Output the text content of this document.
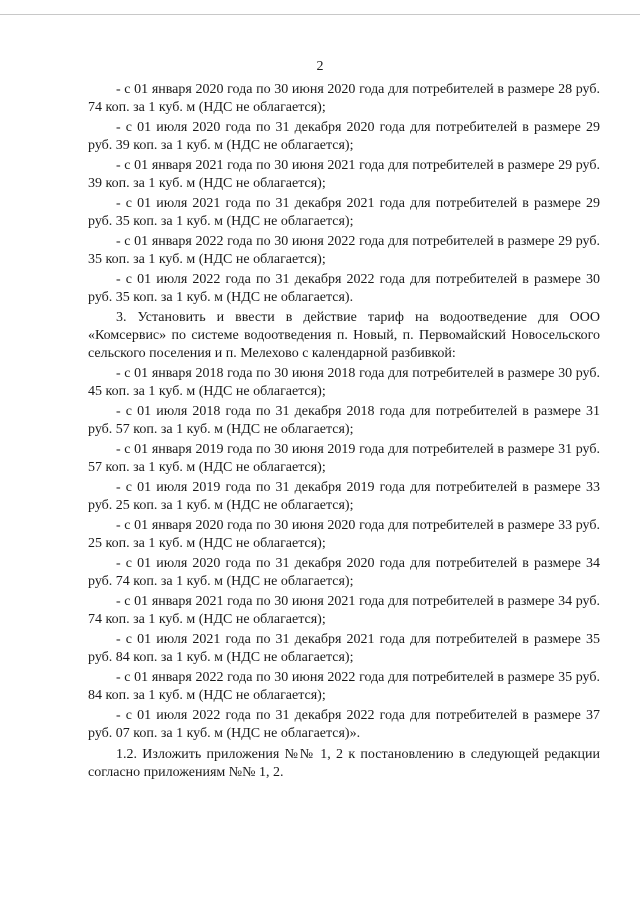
2

- с 01 января 2020 года по 30 июня 2020 года для потребителей в размере 28 руб. 74 коп. за 1 куб. м (НДС не облагается);

- с 01 июля 2020 года по 31 декабря 2020 года для потребителей в размере 29 руб. 39 коп. за 1 куб. м (НДС не облагается);

- с 01 января 2021 года по 30 июня 2021 года для потребителей в размере 29 руб. 39 коп. за 1 куб. м (НДС не облагается);

- с 01 июля 2021 года по 31 декабря 2021 года для потребителей в размере 29 руб. 35 коп. за 1 куб. м (НДС не облагается);

- с 01 января 2022 года по 30 июня 2022 года для потребителей в размере 29 руб. 35 коп. за 1 куб. м (НДС не облагается);

- с 01 июля 2022 года по 31 декабря 2022 года для потребителей в размере 30 руб. 35 коп. за 1 куб. м (НДС не облагается).

3. Установить и ввести в действие тариф на водоотведение для ООО «Комсервис» по системе водоотведения п. Новый, п. Первомайский Новосельского сельского поселения и п. Мелехово с календарной разбивкой:

- с 01 января 2018 года по 30 июня 2018 года для потребителей в размере 30 руб. 45 коп. за 1 куб. м (НДС не облагается);

- с 01 июля 2018 года по 31 декабря 2018 года для потребителей в размере 31 руб. 57 коп. за 1 куб. м (НДС не облагается);

- с 01 января 2019 года по 30 июня 2019 года для потребителей в размере 31 руб. 57 коп. за 1 куб. м (НДС не облагается);

- с 01 июля 2019 года по 31 декабря 2019 года для потребителей в размере 33 руб. 25 коп. за 1 куб. м (НДС не облагается);

- с 01 января 2020 года по 30 июня 2020 года для потребителей в размере 33 руб. 25 коп. за 1 куб. м (НДС не облагается);

- с 01 июля 2020 года по 31 декабря 2020 года для потребителей в размере 34 руб. 74 коп. за 1 куб. м (НДС не облагается);

- с 01 января 2021 года по 30 июня 2021 года для потребителей в размере 34 руб. 74 коп. за 1 куб. м (НДС не облагается);

- с 01 июля 2021 года по 31 декабря 2021 года для потребителей в размере 35 руб. 84 коп. за 1 куб. м (НДС не облагается);

- с 01 января 2022 года по 30 июня 2022 года для потребителей в размере 35 руб. 84 коп. за 1 куб. м (НДС не облагается);

- с 01 июля 2022 года по 31 декабря 2022 года для потребителей в размере 37 руб. 07 коп. за 1 куб. м (НДС не облагается)».

1.2. Изложить приложения №№ 1, 2 к постановлению в следующей редакции согласно приложениям №№ 1, 2.
